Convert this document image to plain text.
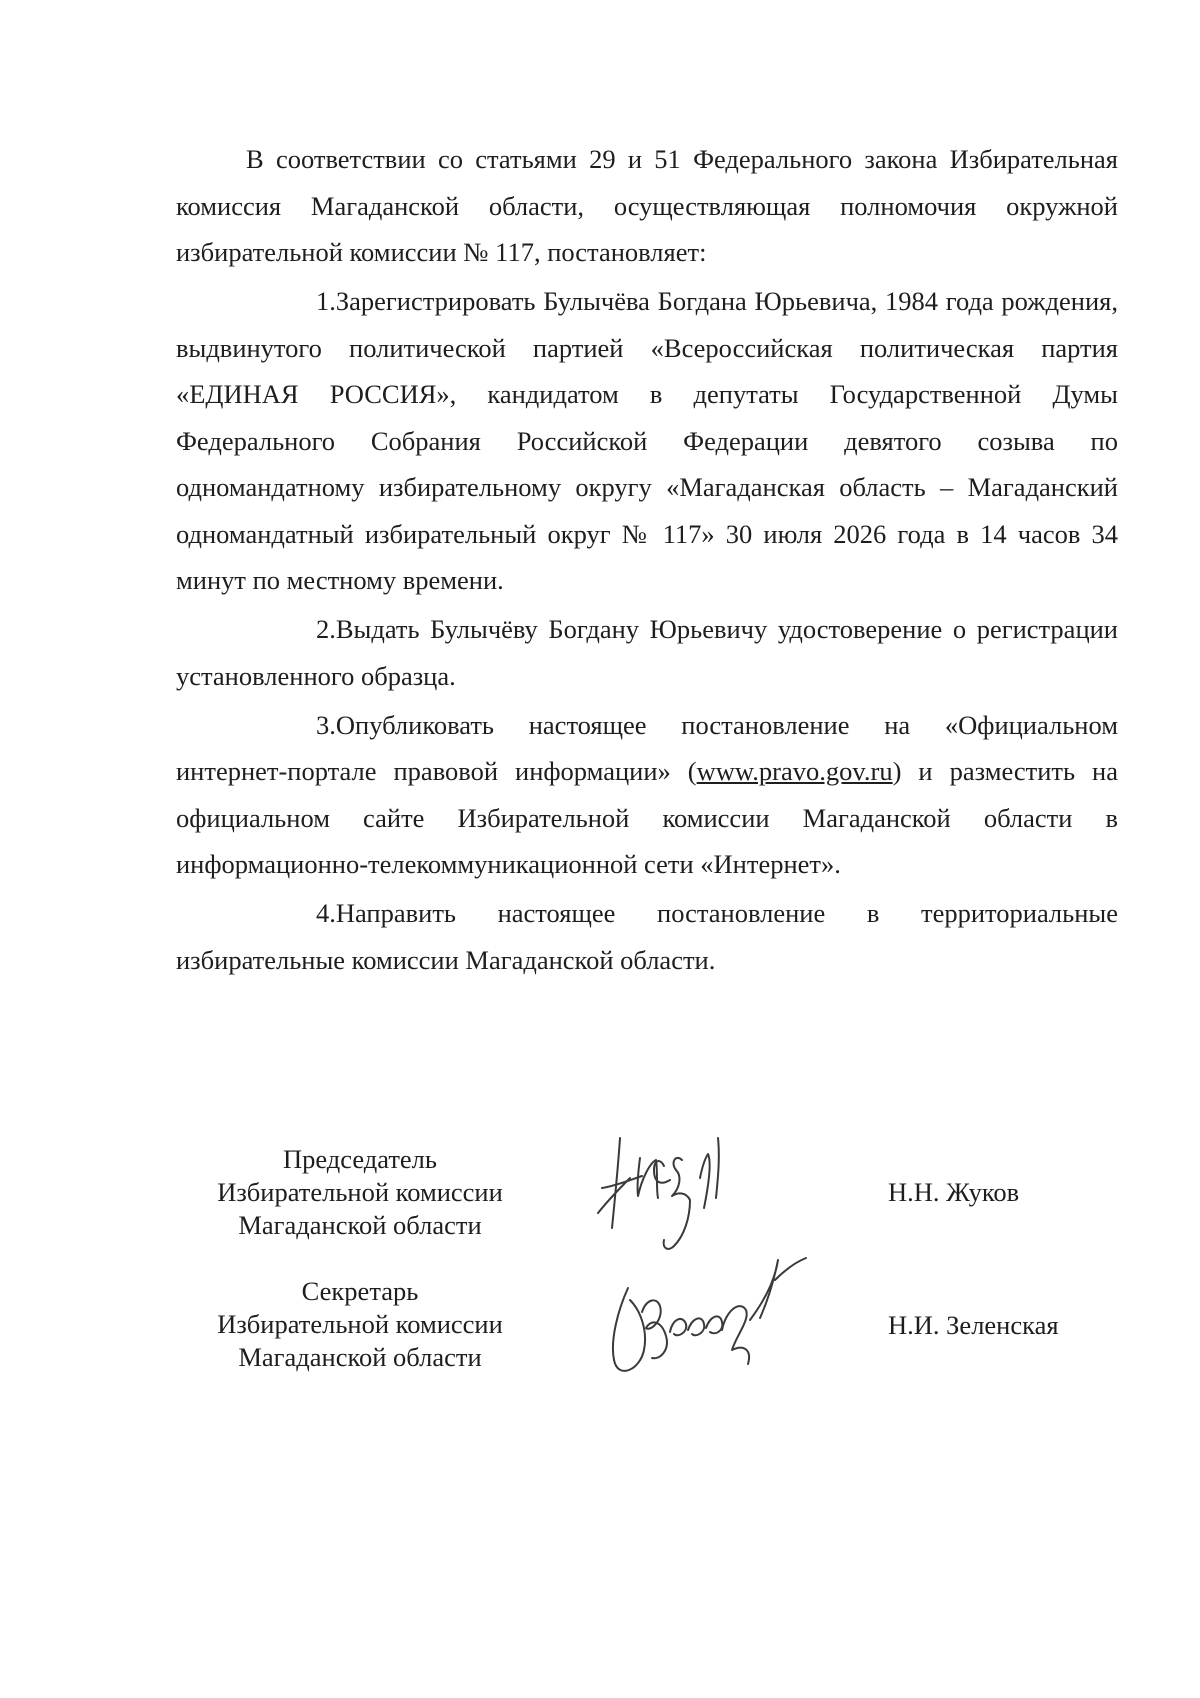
В соответствии со статьями 29 и 51 Федерального закона Избирательная комиссия Магаданской области, осуществляющая полномочия окружной избирательной комиссии № 117, постановляет:

1.Зарегистрировать Булычёва Богдана Юрьевича, 1984 года рождения, выдвинутого политической партией «Всероссийская политическая партия «ЕДИНАЯ РОССИЯ», кандидатом в депутаты Государственной Думы Федерального Собрания Российской Федерации девятого созыва по одномандатному избирательному округу «Магаданская область – Магаданский одномандатный избирательный округ № 117» 30 июля 2026 года в 14 часов 34 минут по местному времени.

2.Выдать Булычёву Богдану Юрьевичу удостоверение о регистрации установленного образца.

3.Опубликовать настоящее постановление на «Официальном интернет-портале правовой информации» (www.pravo.gov.ru) и разместить на официальном сайте Избирательной комиссии Магаданской области в информационно-телекоммуникационной сети «Интернет».

4.Направить настоящее постановление в территориальные избирательные комиссии Магаданской области.

Председатель
Избирательной комиссии
Магаданской области
Н.Н. Жуков
Секретарь
Избирательной комиссии
Магаданской области
Н.И. Зеленская
